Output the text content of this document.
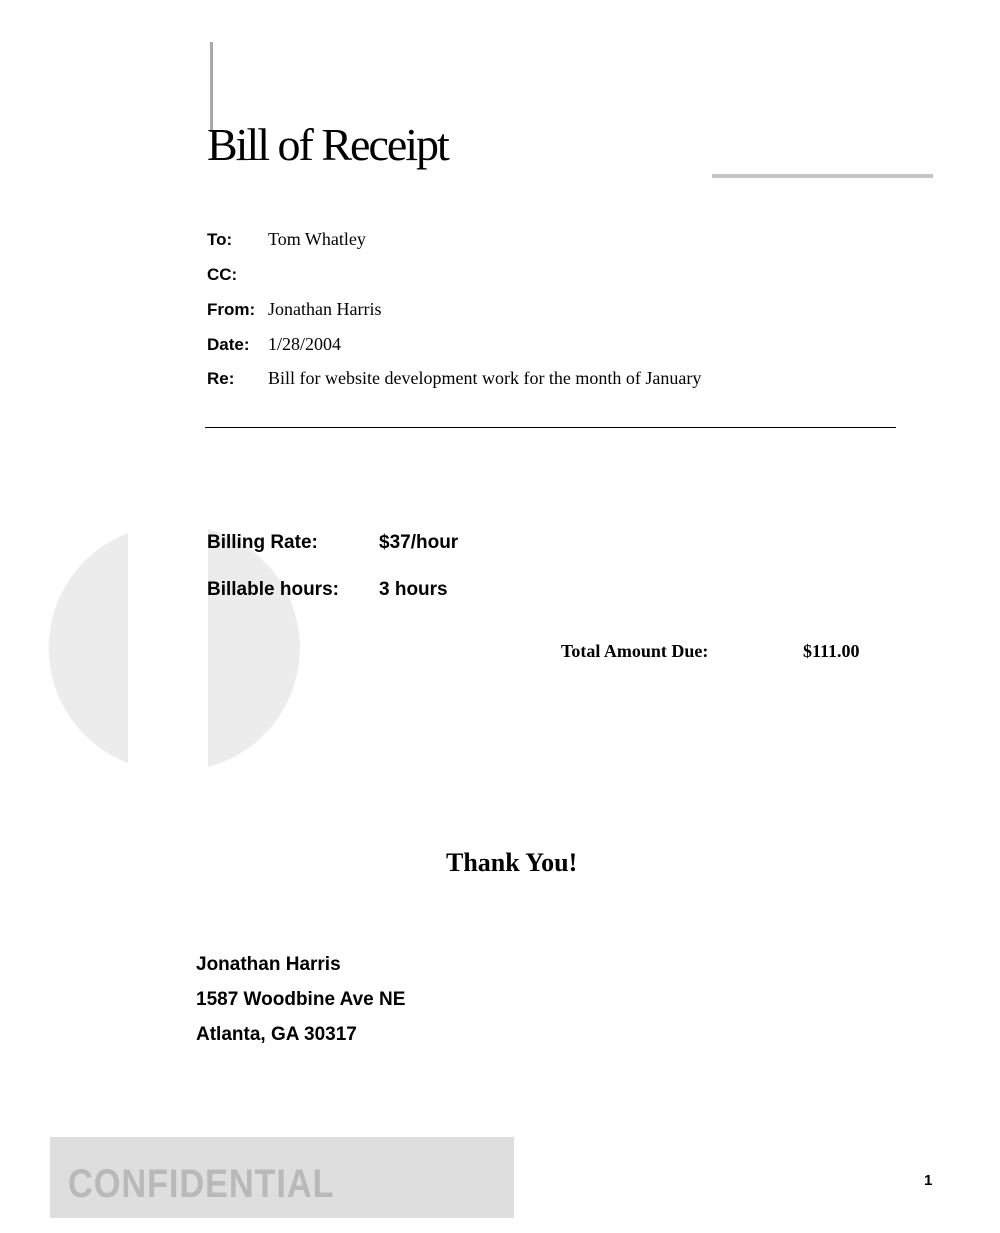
Bill of Receipt
To: Tom Whatley
CC:
From: Jonathan Harris
Date: 1/28/2004
Re: Bill for website development work for the month of January
Billing Rate:	$37/hour
Billable hours: 3 hours
Total Amount Due:	$111.00
Thank You!
Jonathan Harris
1587 Woodbine Ave NE
Atlanta, GA 30317
CONFIDENTIAL	1
